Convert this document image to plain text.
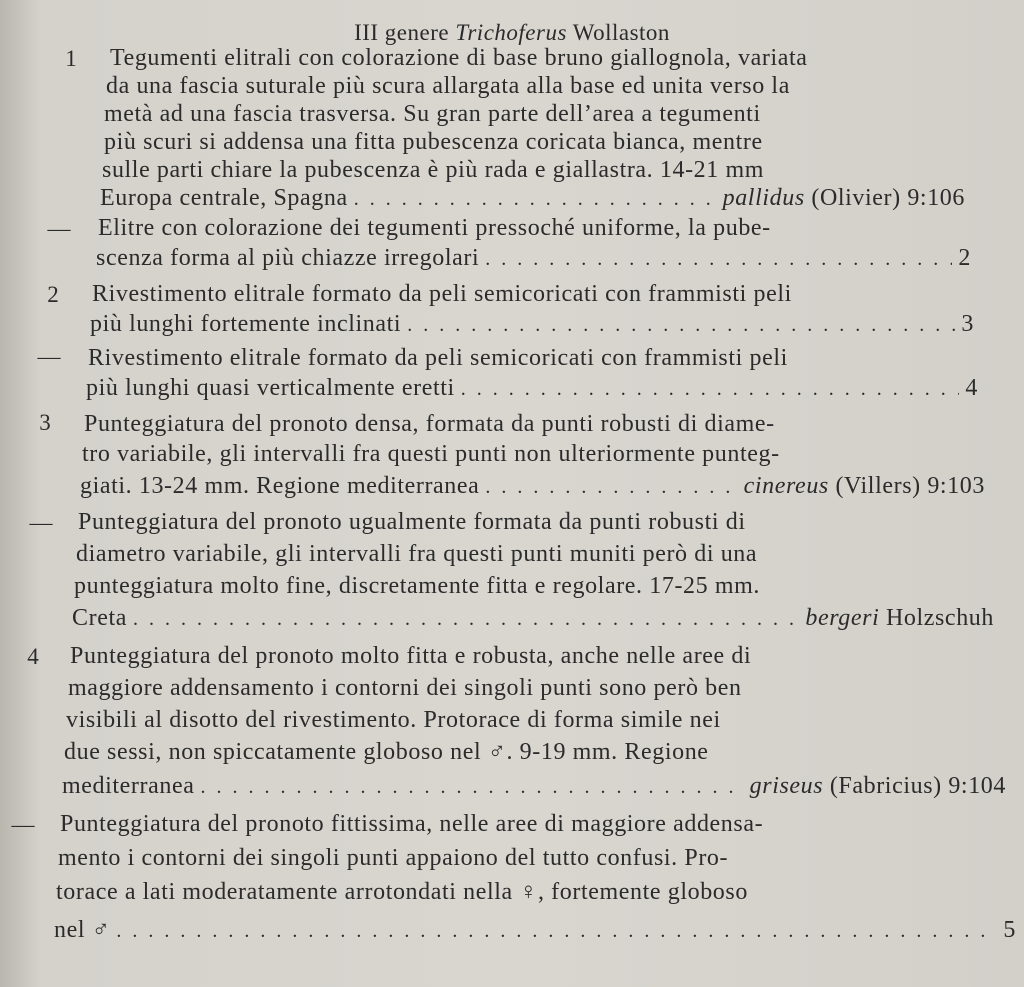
III genere Trichoferus Wollaston
1	Tegumenti elitrali con colorazione di base bruno giallognola, variata
da una fascia suturale più scura allargata alla base ed unita verso la
metà ad una fascia trasversa. Su gran parte dell’area a tegumenti
più scuri si addensa una fitta pubescenza coricata bianca, mentre
sulle parti chiare la pubescenza è più rada e giallastra. 14-21 mm
Europa centrale, Spagna . . .	pallidus (Olivier) 9:106
— Elitre con colorazione dei tegumenti pressoché uniforme, la pube-
scenza forma al più chiazze irregolari . . .	2
2	Rivestimento elitrale formato da peli semicoricati con frammisti peli
più lunghi fortemente inclinati . . .	3
— Rivestimento elitrale formato da peli semicoricati con frammisti peli
più lunghi quasi verticalmente eretti . . .	4
3	Punteggiatura del pronoto densa, formata da punti robusti di diame-
tro variabile, gli intervalli fra questi punti non ulteriormente punteg-
giati. 13-24 mm. Regione mediterranea . . .	cinereus (Villers) 9:103
— Punteggiatura del pronoto ugualmente formata da punti robusti di
diametro variabile, gli intervalli fra questi punti muniti però di una
punteggiatura molto fine, discretamente fitta e regolare. 17-25 mm.
Creta . . .	bergeri Holzschuh
4	Punteggiatura del pronoto molto fitta e robusta, anche nelle aree di
maggiore addensamento i contorni dei singoli punti sono però ben
visibili al disotto del rivestimento. Protorace di forma simile nei
due sessi, non spiccatamente globoso nel ♂. 9-19 mm. Regione
mediterranea . . .	griseus (Fabricius) 9:104
— Punteggiatura del pronoto fittissima, nelle aree di maggiore addensa-
mento i contorni dei singoli punti appaiono del tutto confusi. Pro-
torace a lati moderatamente arrotondati nella ♀, fortemente globoso
nel ♂ . . .	5
